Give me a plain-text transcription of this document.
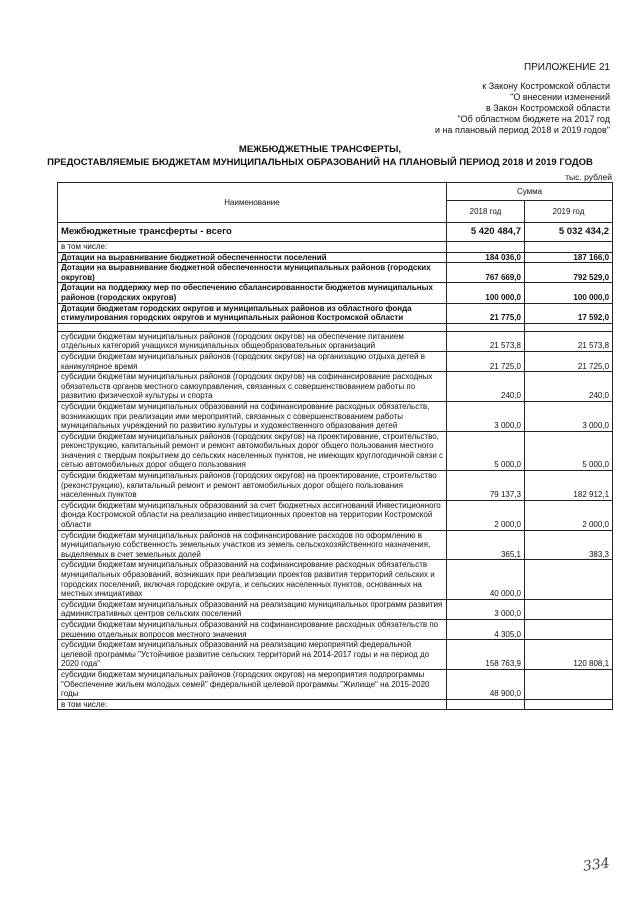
ПРИЛОЖЕНИЕ 21
к Закону Костромской области
"О внесении изменений
в Закон Костромской области
"Об областном бюджете на 2017 год
и на плановый период 2018 и 2019 годов"
МЕЖБЮДЖЕТНЫЕ ТРАНСФЕРТЫ,
ПРЕДОСТАВЛЯЕМЫЕ БЮДЖЕТАМ МУНИЦИПАЛЬНЫХ ОБРАЗОВАНИЙ НА ПЛАНОВЫЙ ПЕРИОД 2018 И 2019 ГОДОВ
тыс. рублей
Наименование	Сумма	
	2018 год	2019 год
Межбюджетные трансферты - всего	5 420 484,7	5 032 434,2
в том числе:		
Дотации на выравнивание бюджетной обеспеченности поселений	184 036,0	187 166,0
Дотации на выравнивание бюджетной обеспеченности муниципальных районов (городских округов)	767 669,0	792 529,0
Дотации на поддержку мер по обеспечению сбалансированности бюджетов муниципальных районов (городских округов)	100 000,0	100 000,0
Дотации бюджетам городских округов и муниципальных районов из областного фонда стимулирования городских округов и муниципальных районов Костромской области	21 775,0	17 592,0

субсидии бюджетам муниципальных районов (городских округов) на обеспечение питанием отдельных категорий учащихся муниципальных общеобразовательных организаций	21 573,8	21 573,8
субсидии бюджетам муниципальных районов (городских округов) на организацию отдыха детей в каникулярное время	21 725,0	21 725,0
субсидии бюджетам муниципальных районов (городских округов) на софинансирование расходных обязательств органов местного самоуправления, связанных с совершенствованием работы по развитию физической культуры и спорта	240,0	240,0
субсидии бюджетам муниципальных образований на софинансирование расходных обязательств, возникающих при реализации ими мероприятий, связанных с совершенствованием работы муниципальных учреждений по развитию культуры и художественного образования детей	3 000,0	3 000,0
субсидии бюджетам муниципальных районов (городских округов) на проектирование, строительство, реконструкцию, капитальный ремонт и ремонт автомобильных дорог общего пользования местного значения с твердым покрытием до сельских населенных пунктов, не имеющих круглогодичной связи с сетью автомобильных дорог общего пользования	5 000,0	5 000,0
субсидии бюджетам муниципальных районов (городских округов) на проектирование, строительство (реконструкцию), капитальный ремонт и ремонт автомобильных дорог общего пользования населенных пунктов	79 137,3	182 912,1
субсидии бюджетам муниципальных образований за счет бюджетных ассигнований Инвестиционного фонда Костромской области на реализацию инвестиционных проектов на территории Костромской области	2 000,0	2 000,0
субсидии бюджетам муниципальных районов на софинансирование расходов по оформлению в муниципальную собственность земельных участков из земель сельскохозяйственного назначения, выделяемых в счет земельных долей	365,1	383,3
субсидии бюджетам муниципальных образований на софинансирование расходных обязательств муниципальных образований, возникших при реализации проектов развития территорий сельских и городских поселений, включая городские округа, и сельских населенных пунктов, основанных на местных инициативах	40 000,0	
субсидии бюджетам муниципальных образований на реализацию муниципальных программ развития административных центров сельских поселений	3 000,0	
субсидии бюджетам муниципальных образований на софинансирование расходных обязательств по решению отдельных вопросов местного значения	4 305,0	
субсидии бюджетам муниципальных образований на реализацию мероприятий федеральной целевой программы "Устойчивое развитие сельских территорий на 2014-2017 годы и на период до 2020 года"	158 763,9	120 808,1
субсидии бюджетам муниципальных районов (городских округов) на мероприятия подпрограммы "Обеспечение жильем молодых семей" федеральной целевой программы "Жилище" на 2015-2020 годы	48 900,0	
в том числе:		
334
